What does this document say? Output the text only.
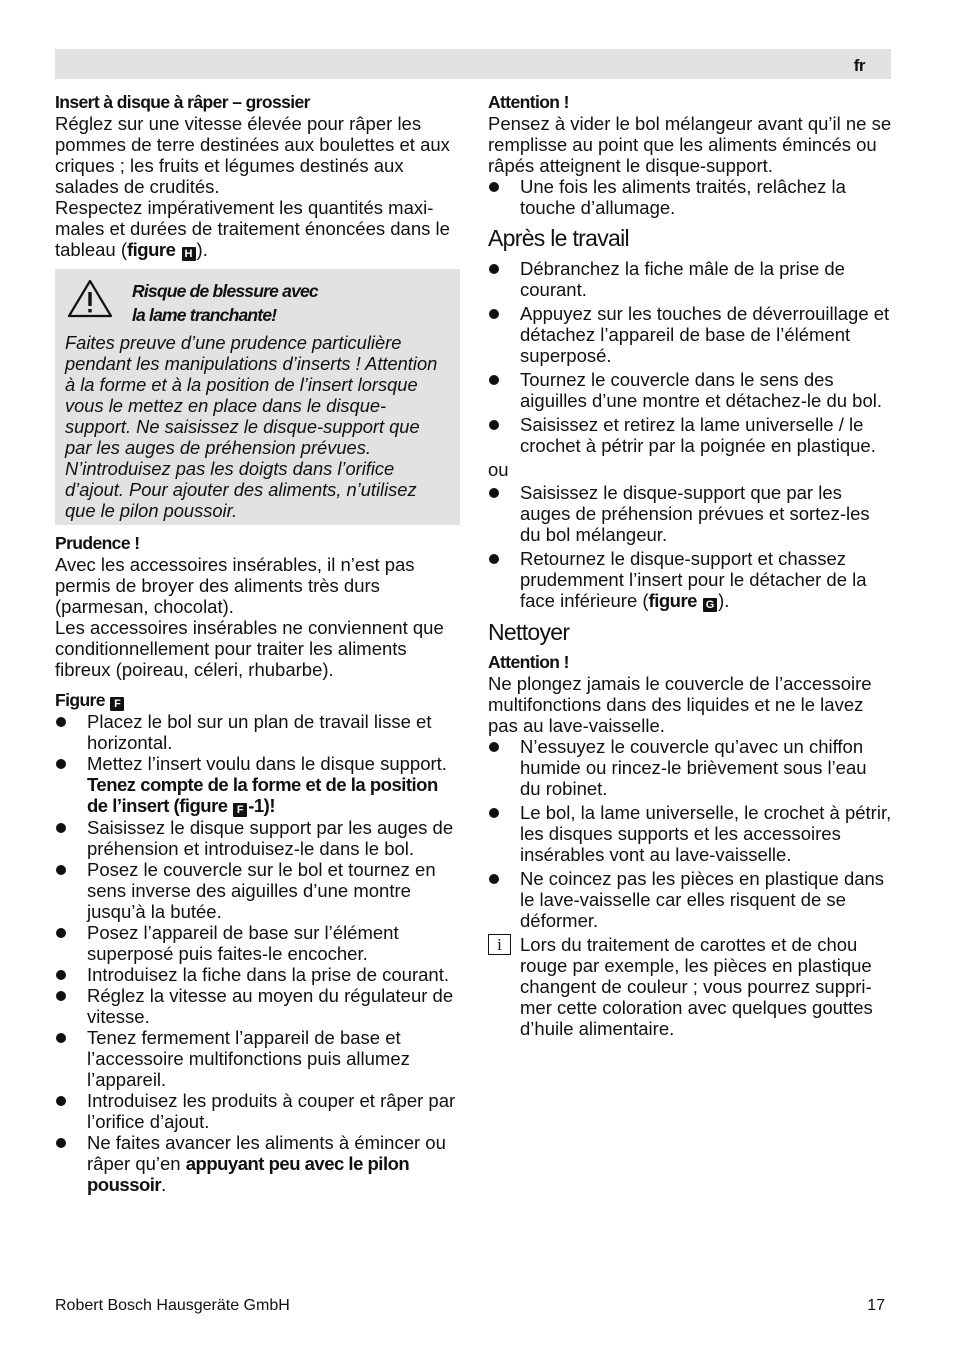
fr
Insert à disque à râper – grossier
Réglez sur une vitesse élevée pour râper les pommes de terre destinées aux boulettes et aux criques ; les fruits et légumes destinés aux salades de crudités.
Respectez impérativement les quantités maximales et durées de traitement énoncées dans le tableau (figure H ).
Risque de blessure avec
la lame tranchante!
Faites preuve d’une prudence particulière pendant les manipulations d’inserts ! Attention à la forme et à la position de l’insert lorsque vous le mettez en place dans le disque-support. Ne saisissez le disque-support que par les auges de préhension prévues. N’introduisez pas les doigts dans l’orifice d’ajout. Pour ajouter des aliments, n’utilisez que le pilon poussoir.
Prudence !
Avec les accessoires insérables, il n’est pas permis de broyer des aliments très durs (parmesan, chocolat).
Les accessoires insérables ne conviennent que conditionnellement pour traiter les aliments fibreux (poireau, céleri, rhubarbe).
Figure F
Placez le bol sur un plan de travail lisse et horizontal.
Mettez l’insert voulu dans le disque support. Tenez compte de la forme et de la position de l’insert (figure F -1)!
Saisissez le disque support par les auges de préhension et introduisez-le dans le bol.
Posez le couvercle sur le bol et tournez en sens inverse des aiguilles d’une montre jusqu’à la butée.
Posez l’appareil de base sur l’élément superposé puis faites-le encocher.
Introduisez la fiche dans la prise de courant.
Réglez la vitesse au moyen du régulateur de vitesse.
Tenez fermement l’appareil de base et l’accessoire multifonctions puis allumez l’appareil.
Introduisez les produits à couper et râper par l’orifice d’ajout.
Ne faites avancer les aliments à émincer ou râper qu’en appuyant peu avec le pilon poussoir.
Attention !
Pensez à vider le bol mélangeur avant qu’il ne se remplisse au point que les aliments émincés ou râpés atteignent le disque-support.
Une fois les aliments traités, relâchez la touche d’allumage.
Après le travail
Débranchez la fiche mâle de la prise de courant.
Appuyez sur les touches de déverrouillage et détachez l’appareil de base de l’élément superposé.
Tournez le couvercle dans le sens des aiguilles d’une montre et détachez-le du bol.
Saisissez et retirez la lame universelle / le crochet à pétrir par la poignée en plastique.
ou
Saisissez le disque-support que par les auges de préhension prévues et sortez-les du bol mélangeur.
Retournez le disque-support et chassez prudemment l’insert pour le détacher de la face inférieure (figure G ).
Nettoyer
Attention !
Ne plongez jamais le couvercle de l’accessoire multifonctions dans des liquides et ne le lavez pas au lave-vaisselle.
N’essuyez le couvercle qu’avec un chiffon humide ou rincez-le brièvement sous l’eau du robinet.
Le bol, la lame universelle, le crochet à pétrir, les disques supports et les accessoires insérables vont au lave-vaisselle.
Ne coincez pas les pièces en plastique dans le lave-vaisselle car elles risquent de se déformer.
i Lors du traitement de carottes et de chou rouge par exemple, les pièces en plastique changent de couleur ; vous pourrez supprimer cette coloration avec quelques gouttes d’huile alimentaire.
Robert Bosch Hausgeräte GmbH	17
